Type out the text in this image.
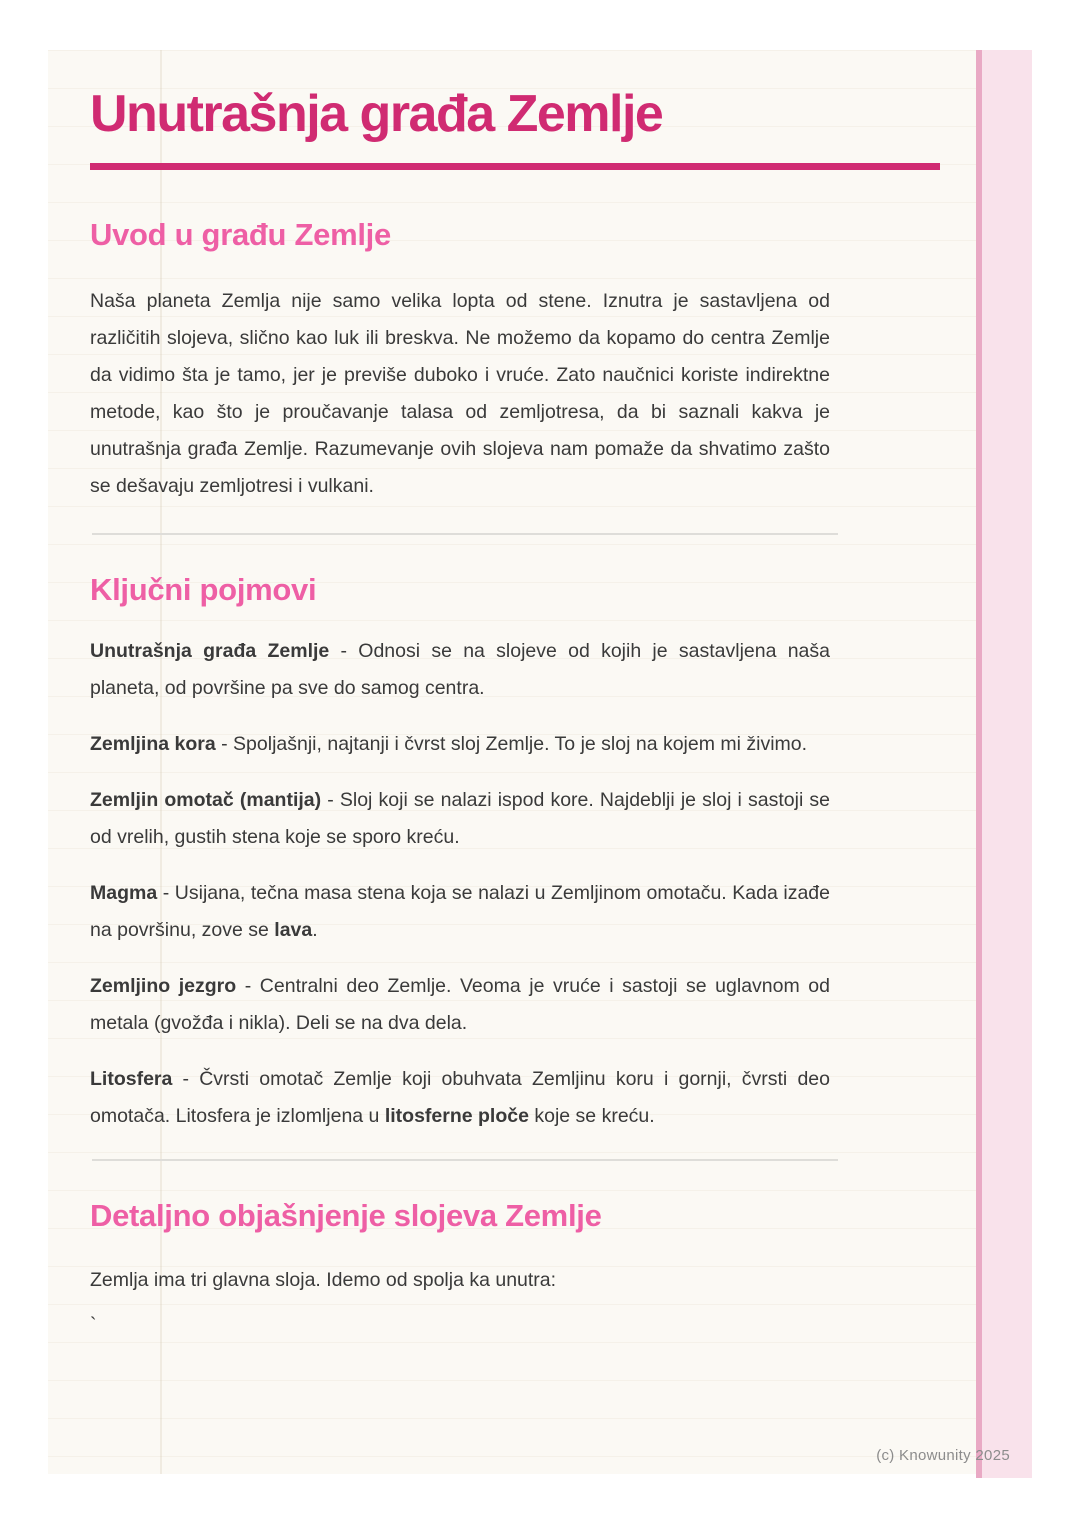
Unutrašnja građa Zemlje
Uvod u građu Zemlje

Naša planeta Zemlja nije samo velika lopta od stene. Iznutra je sastavljena od različitih slojeva, slično kao luk ili breskva. Ne možemo da kopamo do centra Zemlje da vidimo šta je tamo, jer je previše duboko i vruće. Zato naučnici koriste indirektne metode, kao što je proučavanje talasa od zemljotresa, da bi saznali kakva je unutrašnja građa Zemlje. Razumevanje ovih slojeva nam pomaže da shvatimo zašto se dešavaju zemljotresi i vulkani.

Ključni pojmovi

Unutrašnja građa Zemlje - Odnosi se na slojeve od kojih je sastavljena naša planeta, od površine pa sve do samog centra.

Zemljina kora - Spoljašnji, najtanji i čvrst sloj Zemlje. To je sloj na kojem mi živimo.

Zemljin omotač (mantija) - Sloj koji se nalazi ispod kore. Najdeblji je sloj i sastoji se od vrelih, gustih stena koje se sporo kreću.

Magma - Usijana, tečna masa stena koja se nalazi u Zemljinom omotaču. Kada izađe na površinu, zove se lava.

Zemljino jezgro - Centralni deo Zemlje. Veoma je vruće i sastoji se uglavnom od metala (gvožđa i nikla). Deli se na dva dela.

Litosfera - Čvrsti omotač Zemlje koji obuhvata Zemljinu koru i gornji, čvrsti deo omotača. Litosfera je izlomljena u litosferne ploče koje se kreću.

Detaljno objašnjenje slojeva Zemlje

Zemlja ima tri glavna sloja. Idemo od spolja ka unutra:

`

(c) Knowunity 2025
